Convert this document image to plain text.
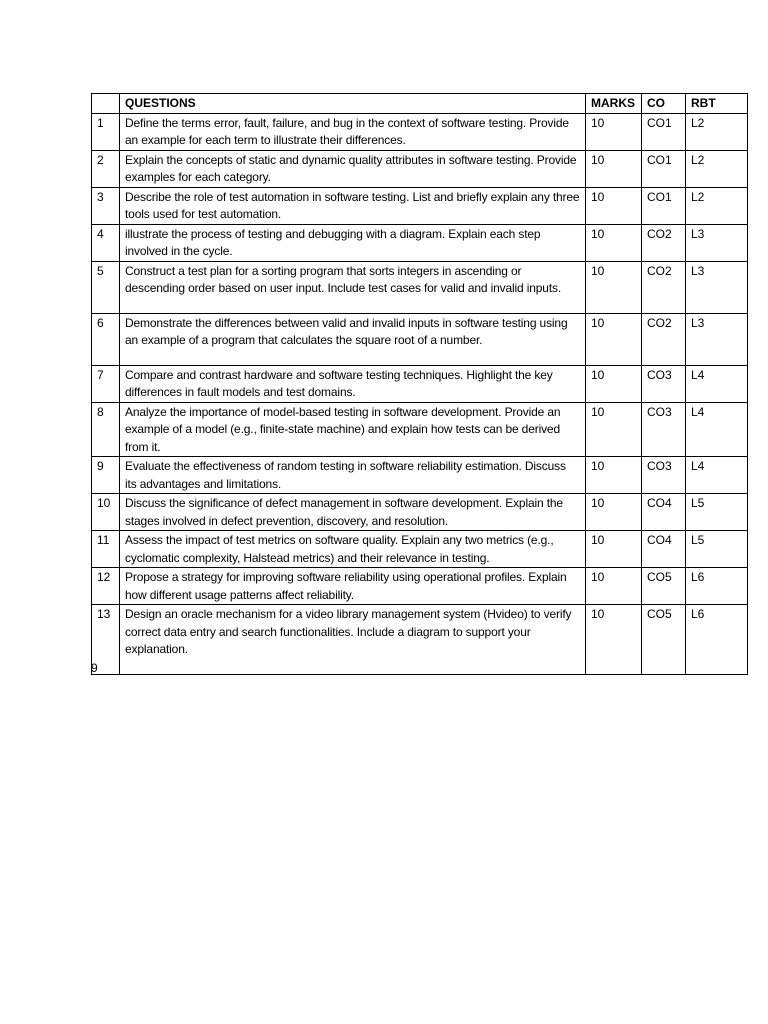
	QUESTIONS	MARKS	CO	RBT
1	Define the terms error, fault, failure, and bug in the context of software testing. Provide an example for each term to illustrate their differences.	10	CO1	L2
2	Explain the concepts of static and dynamic quality attributes in software testing. Provide examples for each category.	10	CO1	L2
3	Describe the role of test automation in software testing. List and briefly explain any three tools used for test automation.	10	CO1	L2
4	illustrate the process of testing and debugging with a diagram. Explain each step involved in the cycle.	10	CO2	L3
5	Construct a test plan for a sorting program that sorts integers in ascending or descending order based on user input. Include test cases for valid and invalid inputs.	10	CO2	L3
6	Demonstrate the differences between valid and invalid inputs in software testing using an example of a program that calculates the square root of a number.	10	CO2	L3
7	Compare and contrast hardware and software testing techniques. Highlight the key differences in fault models and test domains.	10	CO3	L4
8	Analyze the importance of model-based testing in software development. Provide an example of a model (e.g., finite-state machine) and explain how tests can be derived from it.	10	CO3	L4
9	Evaluate the effectiveness of random testing in software reliability estimation. Discuss its advantages and limitations.	10	CO3	L4
10	Discuss the significance of defect management in software development. Explain the stages involved in defect prevention, discovery, and resolution.	10	CO4	L5
11	Assess the impact of test metrics on software quality. Explain any two metrics (e.g., cyclomatic complexity, Halstead metrics) and their relevance in testing.	10	CO4	L5
12	Propose a strategy for improving software reliability using operational profiles. Explain how different usage patterns affect reliability.	10	CO5	L6
13	Design an oracle mechanism for a video library management system (Hvideo) to verify correct data entry and search functionalities. Include a diagram to support your explanation.	10	CO5	L6
9
